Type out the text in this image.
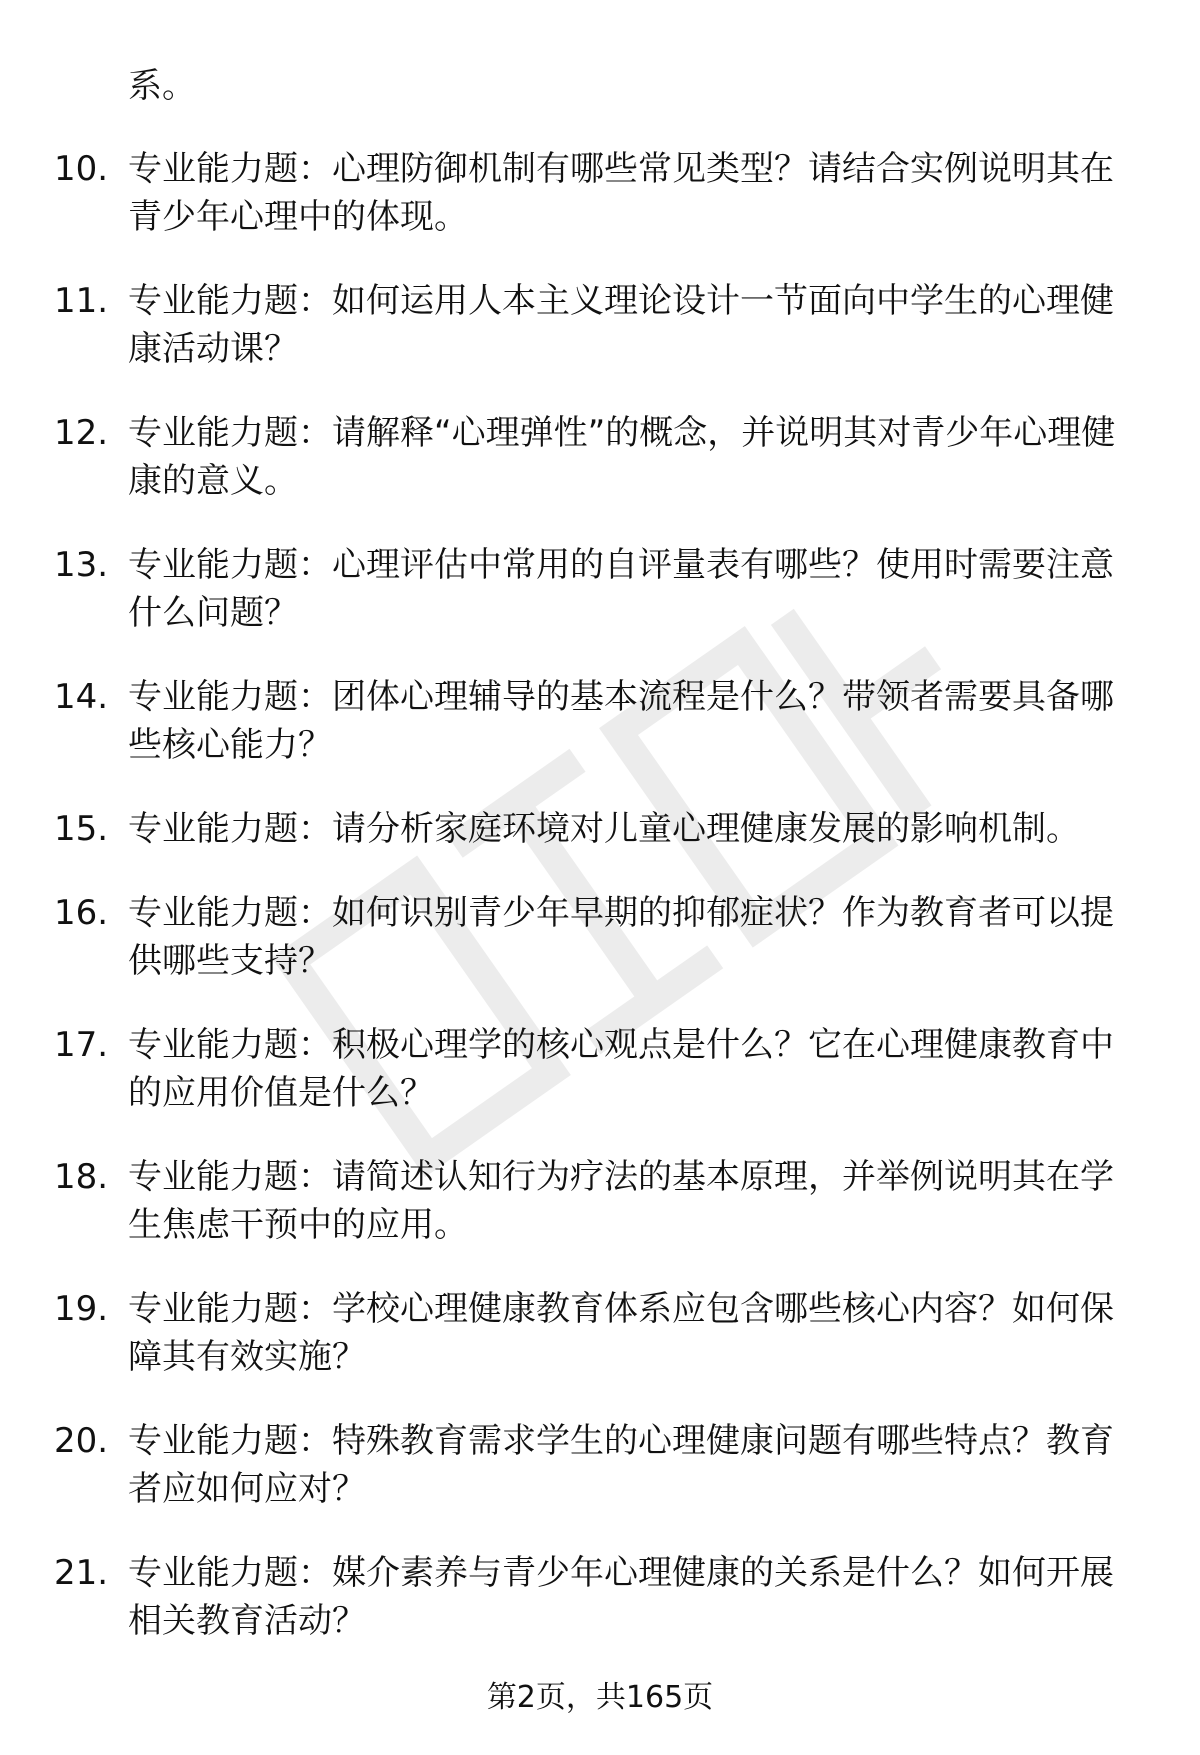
系。
10. 专业能力题：心理防御机制有哪些常见类型？请结合实例说明其在青少年心理中的体现。
11. 专业能力题：如何运用人本主义理论设计一节面向中学生的心理健康活动课？
12. 专业能力题：请解释“心理弹性”的概念，并说明其对青少年心理健康的意义。
13. 专业能力题：心理评估中常用的自评量表有哪些？使用时需要注意什么问题？
14. 专业能力题：团体心理辅导的基本流程是什么？带领者需要具备哪些核心能力？
15. 专业能力题：请分析家庭环境对儿童心理健康发展的影响机制。
16. 专业能力题：如何识别青少年早期的抑郁症状？作为教育者可以提供哪些支持？
17. 专业能力题：积极心理学的核心观点是什么？它在心理健康教育中的应用价值是什么？
18. 专业能力题：请简述认知行为疗法的基本原理，并举例说明其在学生焦虑干预中的应用。
19. 专业能力题：学校心理健康教育体系应包含哪些核心内容？如何保障其有效实施？
20. 专业能力题：特殊教育需求学生的心理健康问题有哪些特点？教育者应如何应对？
21. 专业能力题：媒介素养与青少年心理健康的关系是什么？如何开展相关教育活动？
第2页，共165页
